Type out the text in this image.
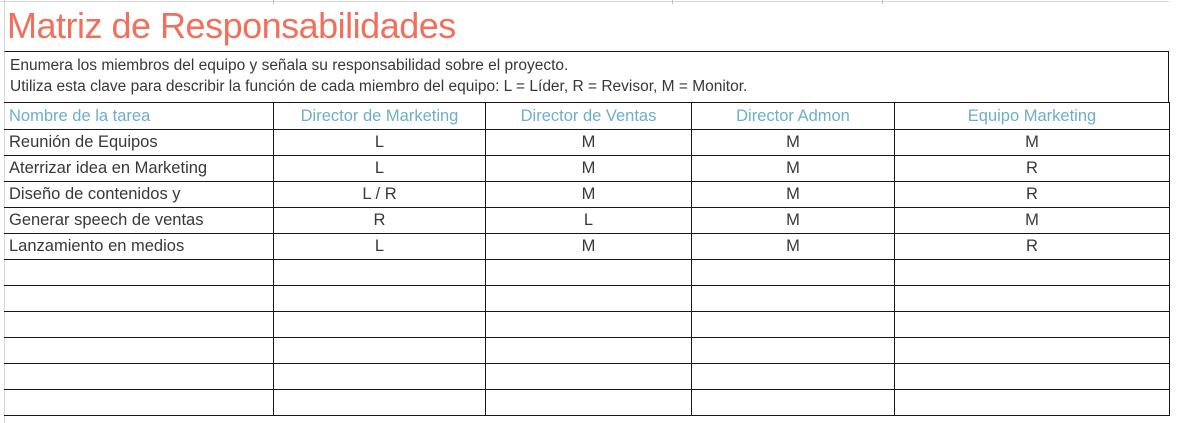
Matriz de Responsabilidades
Enumera los miembros del equipo y señala su responsabilidad sobre el proyecto.
Utiliza esta clave para describir la función de cada miembro del equipo: L = Líder, R = Revisor, M = Monitor.
Nombre de la tarea	Director de Marketing	Director de Ventas	Director Admon	Equipo Marketing
Reunión de Equipos	L	M	M	M
Aterrizar idea en Marketing	L	M	M	R
Diseño de contenidos y	L / R	M	M	R
Generar speech de ventas	R	L	M	M
Lanzamiento en medios	L	M	M	R
